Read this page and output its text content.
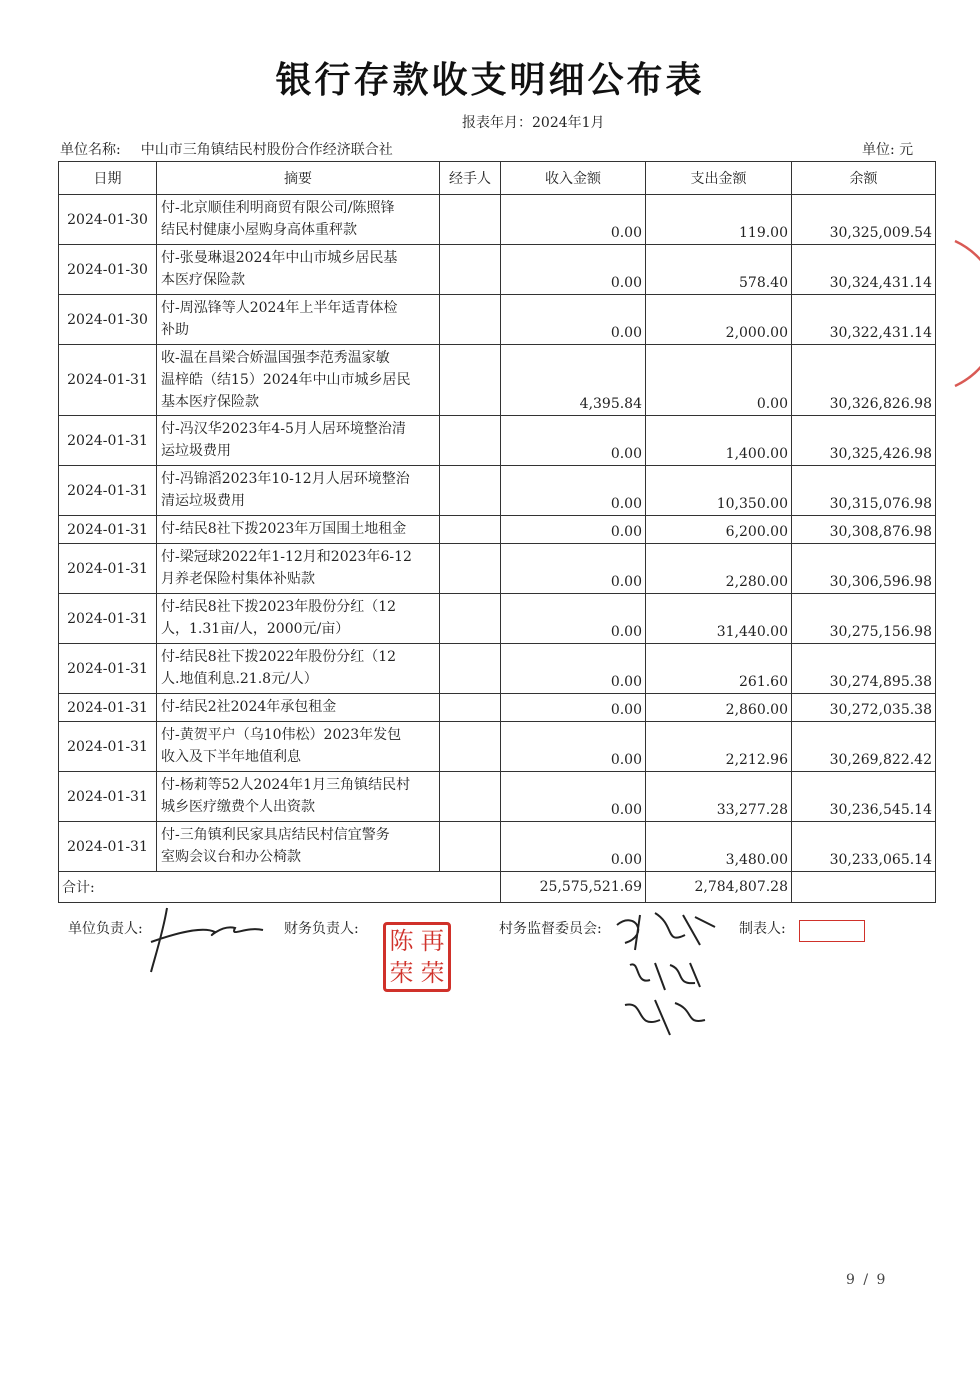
银行存款收支明细公布表
报表年月：2024年1月
单位名称: 中山市三角镇结民村股份合作经济联合社	单位: 元
日期	摘要	经手人	收入金额	支出金额	余额
2024-01-30	付-北京顺佳利明商贸有限公司/陈照锋
结民村健康小屋购身高体重秤款		0.00	119.00	30,325,009.54
2024-01-30	付-张曼琳退2024年中山市城乡居民基
本医疗保险款		0.00	578.40	30,324,431.14
2024-01-30	付-周泓锋等人2024年上半年适青体检
补助		0.00	2,000.00	30,322,431.14
2024-01-31	收-温在昌梁合娇温国强李范秀温家敏
温梓皓（结15）2024年中山市城乡居民
基本医疗保险款		4,395.84	0.00	30,326,826.98
2024-01-31	付-冯汉华2023年4-5月人居环境整治清
运垃圾费用		0.00	1,400.00	30,325,426.98
2024-01-31	付-冯锦滔2023年10-12月人居环境整治
清运垃圾费用		0.00	10,350.00	30,315,076.98
2024-01-31	付-结民8社下拨2023年万国围土地租金		0.00	6,200.00	30,308,876.98
2024-01-31	付-梁冠球2022年1-12月和2023年6-12
月养老保险村集体补贴款		0.00	2,280.00	30,306,596.98
2024-01-31	付-结民8社下拨2023年股份分红（12
人，1.31亩/人，2000元/亩）		0.00	31,440.00	30,275,156.98
2024-01-31	付-结民8社下拨2022年股份分红（12
人.地值利息.21.8元/人）		0.00	261.60	30,274,895.38
2024-01-31	付-结民2社2024年承包租金		0.00	2,860.00	30,272,035.38
2024-01-31	付-黄贺平户（乌10伟松）2023年发包
收入及下半年地值利息		0.00	2,212.96	30,269,822.42
2024-01-31	付-杨莉等52人2024年1月三角镇结民村
城乡医疗缴费个人出资款		0.00	33,277.28	30,236,545.14
2024-01-31	付-三角镇利民家具店结民村信宜警务
室购会议台和办公椅款		0.00	3,480.00	30,233,065.14
合计:			25,575,521.69	2,784,807.28	
单位负责人:	财务负责人: 陈 再
荣 荣
村务监督委员会:	制表人:
9 / 9
